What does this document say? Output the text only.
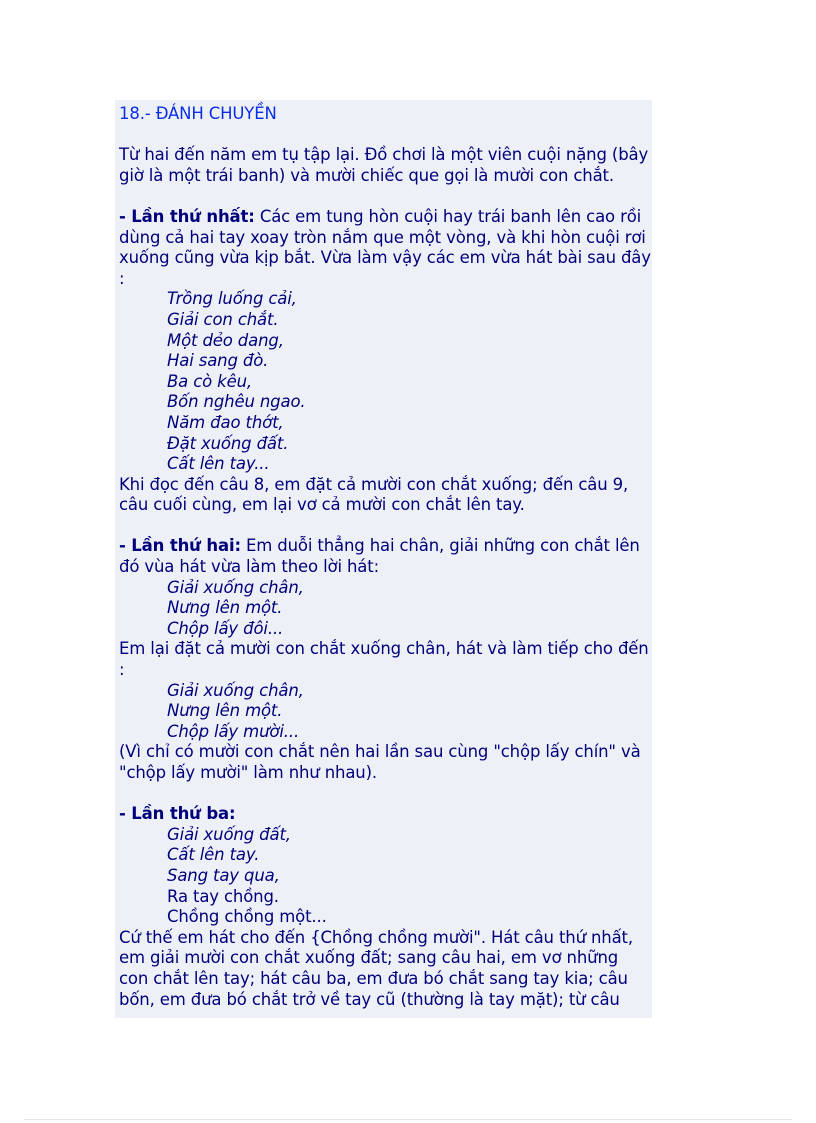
18.- ĐÁNH CHUYỀN

Từ hai đến năm em tụ tập lại. Đồ chơi là một viên cuội nặng (bây giờ là một trái banh) và mười chiếc que gọi là mười con chắt.

- Lần thứ nhất: Các em tung hòn cuội hay trái banh lên cao rồi dùng cả hai tay xoay tròn nắm que một vòng, và khi hòn cuội rơi xuống cũng vừa kịp bắt. Vừa làm vậy các em vừa hát bài sau đây :

Trồng luống cải,

Giải con chắt.

Một dẻo dang,

Hai sang đò.

Ba cò kêu,

Bốn nghêu ngao.

Năm đao thớt,

Đặt xuống đất.

Cất lên tay...

Khi đọc đến câu 8, em đặt cả mười con chắt xuống; đến câu 9, câu cuối cùng, em lại vơ cả mười con chắt lên tay.

- Lần thứ hai: Em duỗi thẳng hai chân, giải những con chắt lên đó vùa hát vừa làm theo lời hát:

Giải xuống chân,

Nưng lên một.

Chộp lấy đôi...

Em lại đặt cả mười con chắt xuống chân, hát và làm tiếp cho đến :

Giải xuống chân,

Nưng lên một.

Chộp lấy mười...

(Vì chỉ có mười con chắt nên hai lần sau cùng "chộp lấy chín" và "chộp lấy mười" làm như nhau).

- Lần thứ ba:

Giải xuống đất,

Cất lên tay.

Sang tay qua,

Ra tay chồng.

Chồng chồng một...

Cứ thế em hát cho đến {Chồng chồng mười". Hát câu thứ nhất, em giải mười con chắt xuống đất; sang câu hai, em vơ những con chắt lên tay; hát câu ba, em đưa bó chắt sang tay kia; câu bốn, em đưa bó chắt trở về tay cũ (thường là tay mặt); từ câu
